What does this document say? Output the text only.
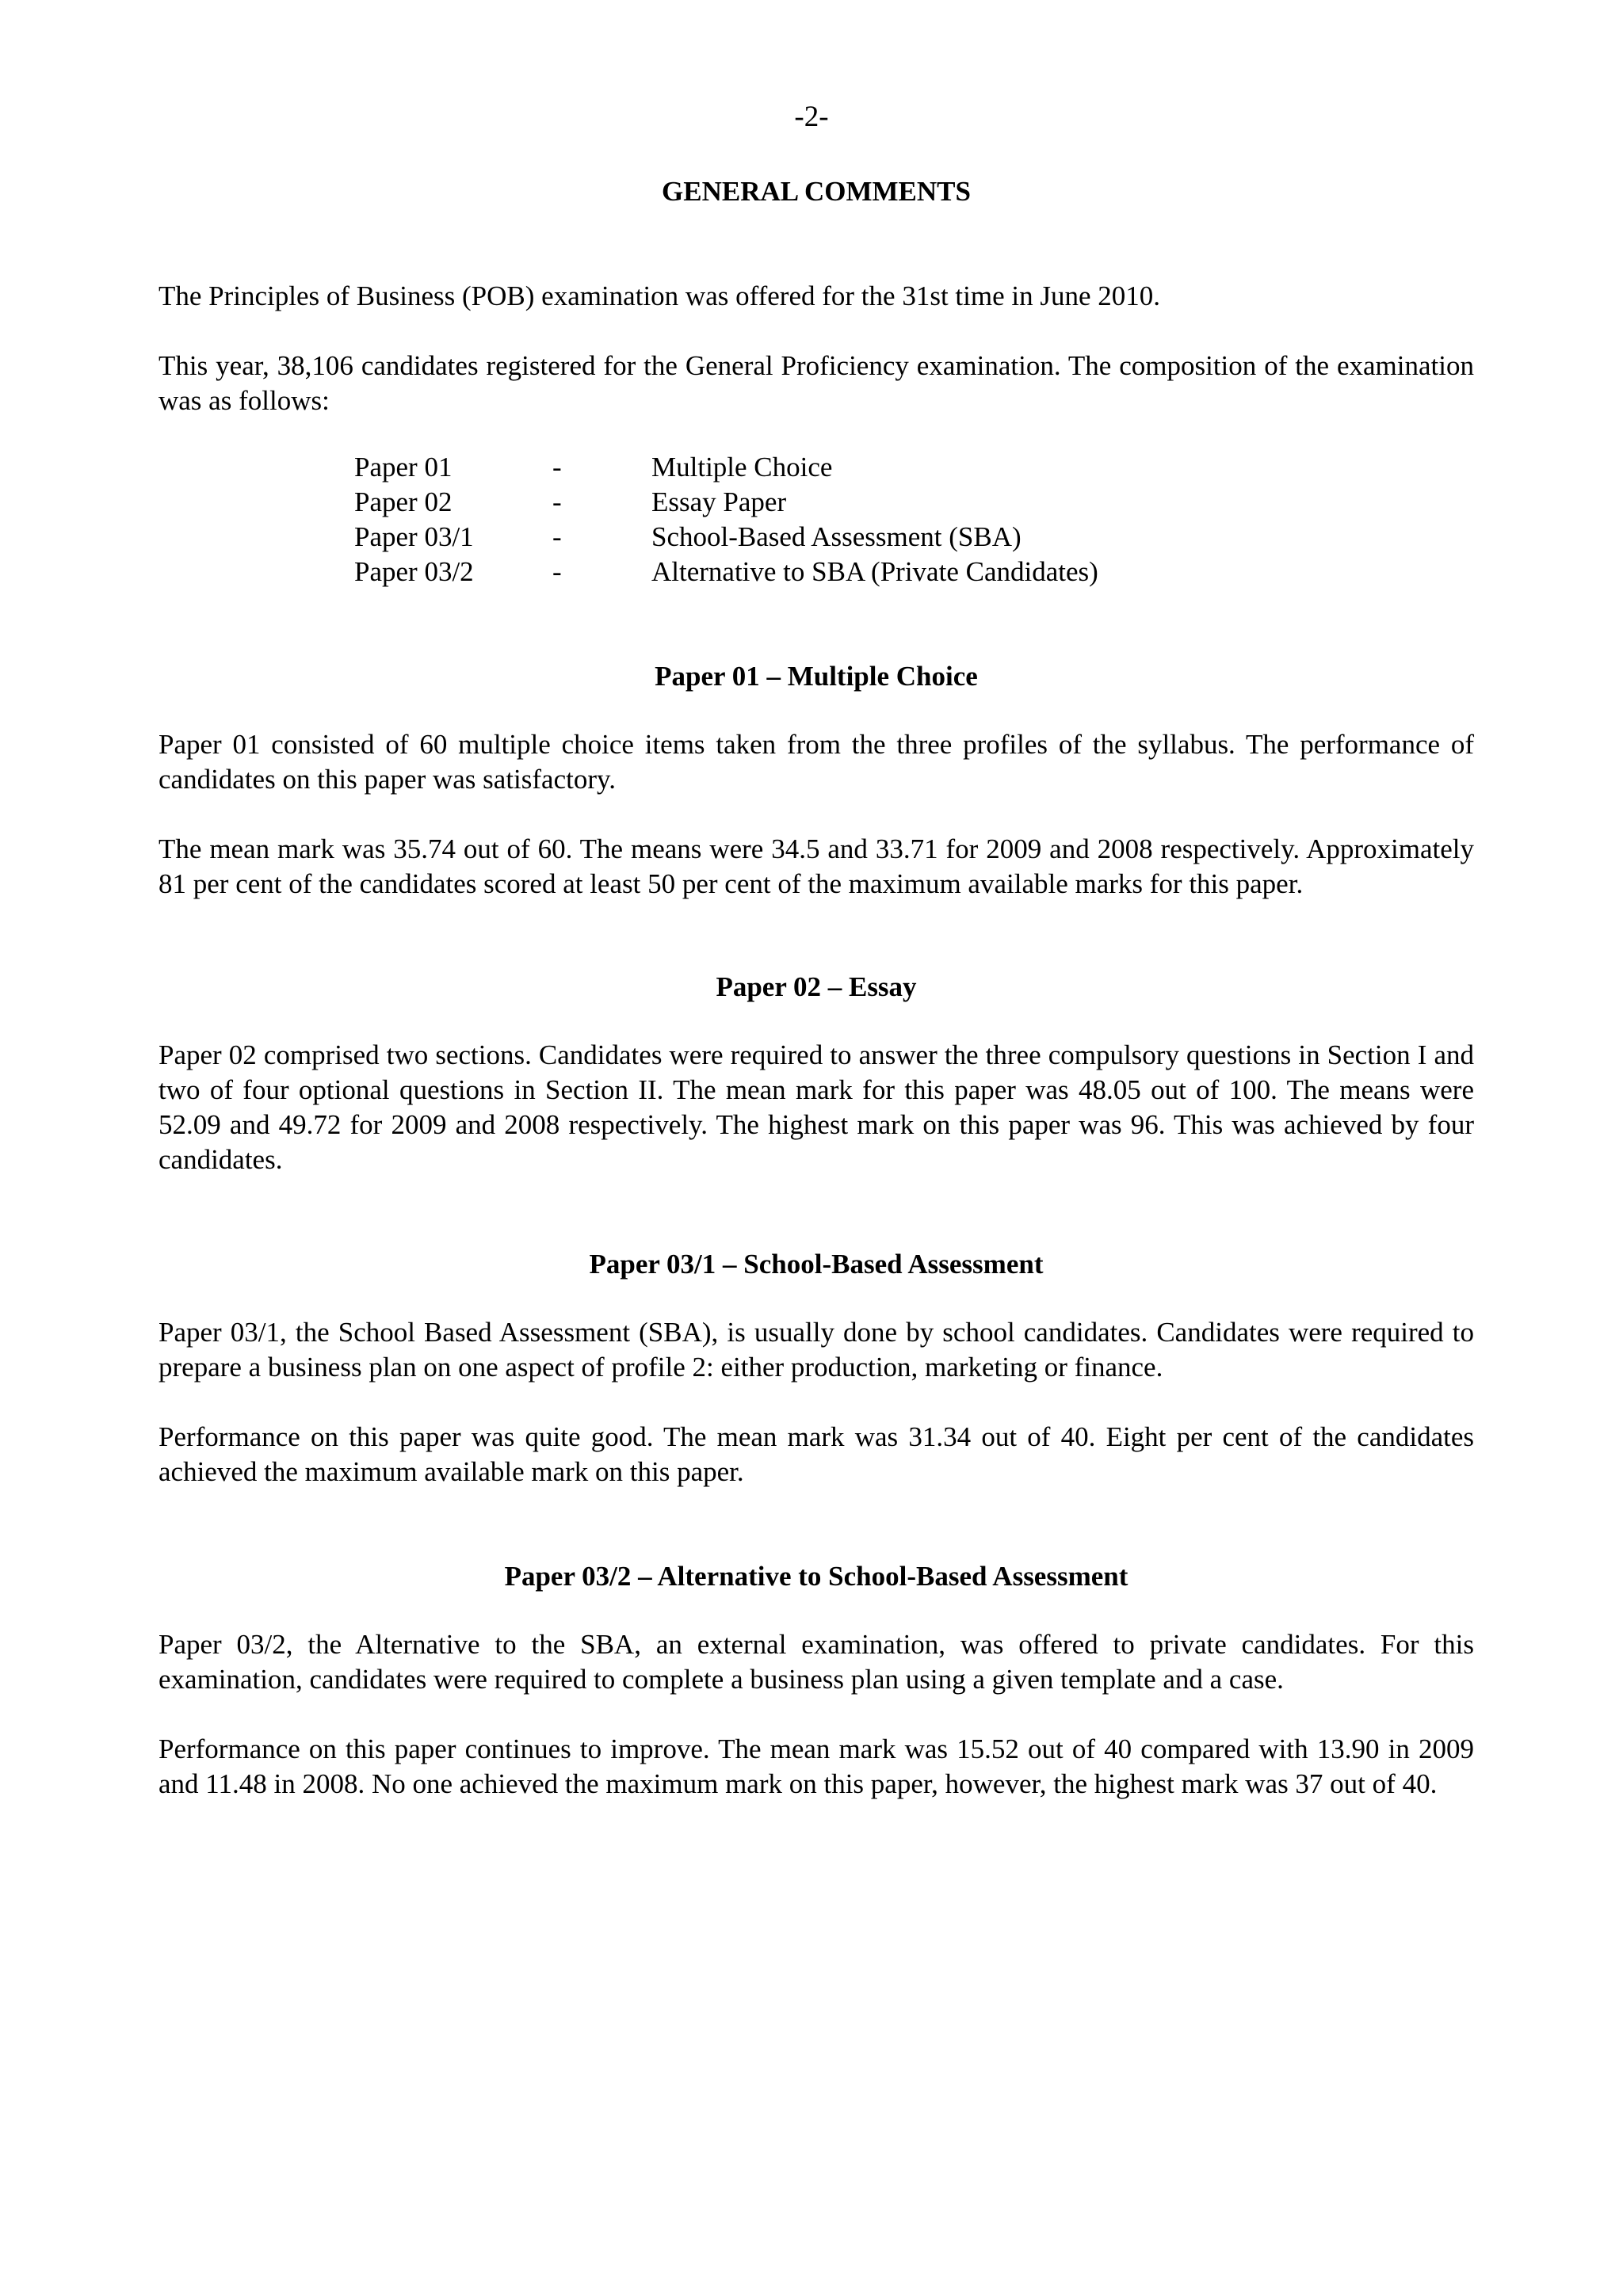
-2-
GENERAL COMMENTS

The Principles of Business (POB) examination was offered for the 31st time in June 2010.

This year, 38,106 candidates registered for the General Proficiency examination. The composition of the examination was as follows:

Paper 01	-	Multiple Choice
Paper 02	-	Essay Paper
Paper 03/1	-	School-Based Assessment (SBA)
Paper 03/2	-	Alternative to SBA (Private Candidates)
Paper 01 – Multiple Choice

Paper 01 consisted of 60 multiple choice items taken from the three profiles of the syllabus. The performance of candidates on this paper was satisfactory.

The mean mark was 35.74 out of 60. The means were 34.5 and 33.71 for 2009 and 2008 respectively. Approximately 81 per cent of the candidates scored at least 50 per cent of the maximum available marks for this paper.

Paper 02 – Essay

Paper 02 comprised two sections. Candidates were required to answer the three compulsory questions in Section I and two of four optional questions in Section II. The mean mark for this paper was 48.05 out of 100. The means were 52.09 and 49.72 for 2009 and 2008 respectively. The highest mark on this paper was 96. This was achieved by four candidates.

Paper 03/1 – School-Based Assessment

Paper 03/1, the School Based Assessment (SBA), is usually done by school candidates. Candidates were required to prepare a business plan on one aspect of profile 2: either production, marketing or finance.

Performance on this paper was quite good. The mean mark was 31.34 out of 40. Eight per cent of the candidates achieved the maximum available mark on this paper.

Paper 03/2 – Alternative to School-Based Assessment

Paper 03/2, the Alternative to the SBA, an external examination, was offered to private candidates. For this examination, candidates were required to complete a business plan using a given template and a case.

Performance on this paper continues to improve. The mean mark was 15.52 out of 40 compared with 13.90 in 2009 and 11.48 in 2008. No one achieved the maximum mark on this paper, however, the highest mark was 37 out of 40.
